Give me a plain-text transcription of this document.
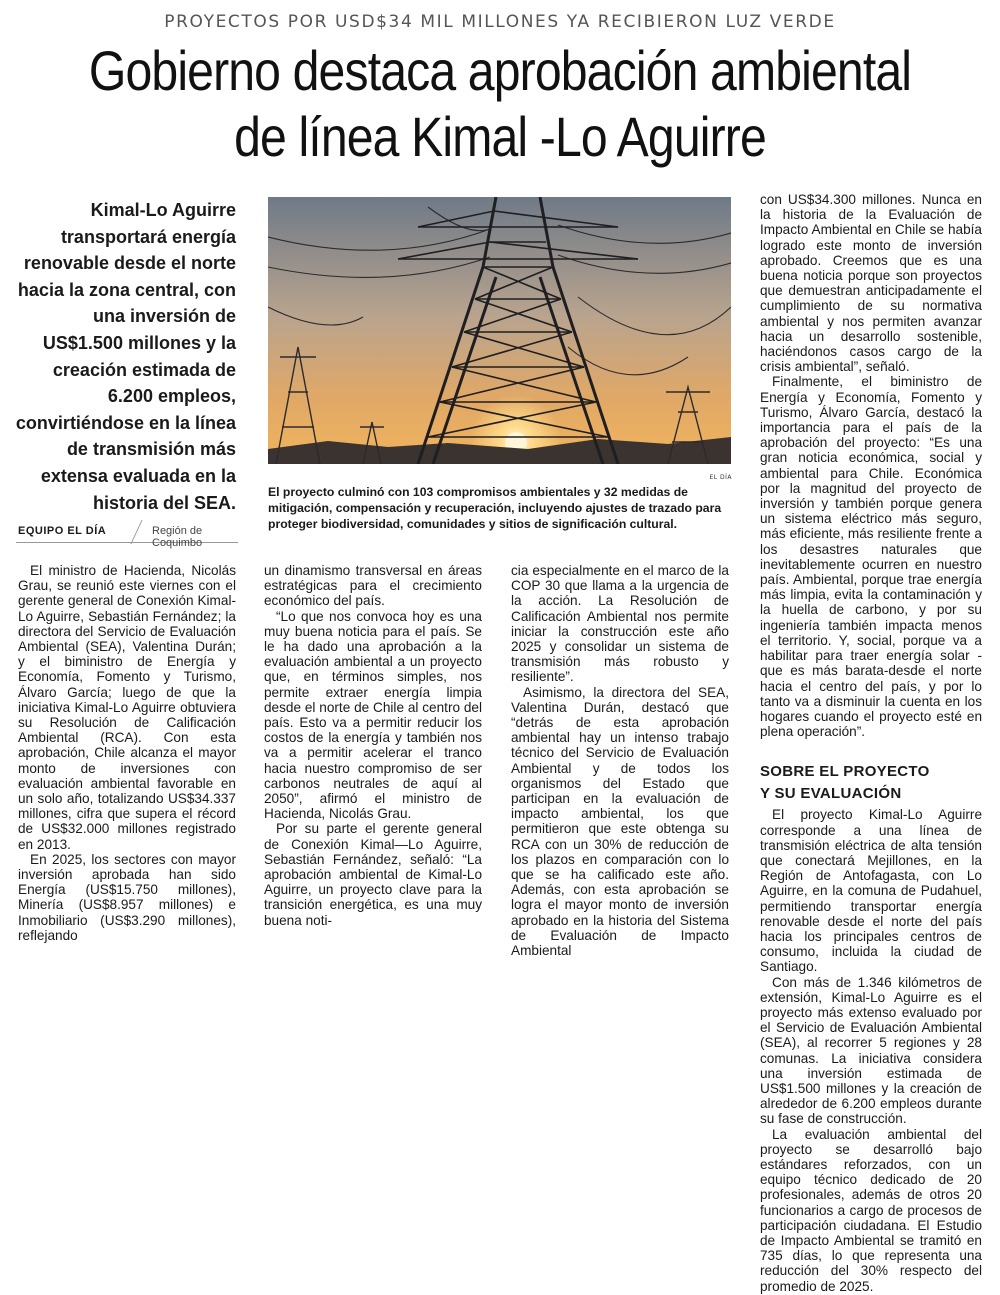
PROYECTOS POR USD$34 MIL MILLONES YA RECIBIERON LUZ VERDE
Gobierno destaca aprobación ambiental
de línea Kimal -Lo Aguirre
Kimal-Lo Aguirre transportará energía renovable desde el norte hacia la zona central, con una inversión de US$1.500 millones y la creación estimada de 6.200 empleos, convirtiéndose en la línea de transmisión más extensa evaluada en la historia del SEA.
EL DÍA
El proyecto culminó con 103 compromisos ambientales y 32 medidas de mitigación, compensación y recuperación, incluyendo ajustes de trazado para proteger biodiversidad, comunidades y sitios de significación cultural.
EQUIPO EL DÍA	Región de Coquimbo

El ministro de Hacienda, Nicolás Grau, se reunió este viernes con el gerente general de Conexión Kimal-Lo Aguirre, Sebastián Fernández; la directora del Servicio de Evaluación Ambiental (SEA), Valentina Durán; y el biministro de Energía y Economía, Fomento y Turismo, Álvaro García; luego de que la iniciativa Kimal-Lo Aguirre obtuviera su Resolución de Calificación Ambiental (RCA). Con esta aprobación, Chile alcanza el mayor monto de inversiones con evaluación ambiental favorable en un solo año, totalizando US$34.337 millones, cifra que supera el récord de US$32.000 millones registrado en 2013.

En 2025, los sectores con mayor inversión aprobada han sido Energía (US$15.750 millones), Minería (US$8.957 millones) e Inmobiliario (US$3.290 millones), reflejando

un dinamismo transversal en áreas estratégicas para el crecimiento económico del país.

“Lo que nos convoca hoy es una muy buena noticia para el país. Se le ha dado una aprobación a la evaluación ambiental a un proyecto que, en términos simples, nos permite extraer energía limpia desde el norte de Chile al centro del país. Esto va a permitir reducir los costos de la energía y también nos va a permitir acelerar el tranco hacia nuestro compromiso de ser carbonos neutrales de aquí al 2050”, afirmó el ministro de Hacienda, Nicolás Grau.

Por su parte el gerente general de Conexión Kimal—Lo Aguirre, Sebastián Fernández, señaló: “La aprobación ambiental de Kimal-Lo Aguirre, un proyecto clave para la transición energética, es una muy buena noti-

cia especialmente en el marco de la COP 30 que llama a la urgencia de la acción. La Resolución de Calificación Ambiental nos permite iniciar la construcción este año 2025 y consolidar un sistema de transmisión más robusto y resiliente”.

Asimismo, la directora del SEA, Valentina Durán, destacó que “detrás de esta aprobación ambiental hay un intenso trabajo técnico del Servicio de Evaluación Ambiental y de todos los organismos del Estado que participan en la evaluación de impacto ambiental, los que permitieron que este obtenga su RCA con un 30% de reducción de los plazos en comparación con lo que se ha calificado este año. Además, con esta aprobación se logra el mayor monto de inversión aprobado en la historia del Sistema de Evaluación de Impacto Ambiental

con US$34.300 millones. Nunca en la historia de la Evaluación de Impacto Ambiental en Chile se había logrado este monto de inversión aprobado. Creemos que es una buena noticia porque son proyectos que demuestran anticipadamente el cumplimiento de su normativa ambiental y nos permiten avanzar hacia un desarrollo sostenible, haciéndonos casos cargo de la crisis ambiental”, señaló.

Finalmente, el biministro de Energía y Economía, Fomento y Turismo, Álvaro García, destacó la importancia para el país de la aprobación del proyecto: “Es una gran noticia económica, social y ambiental para Chile. Económica por la magnitud del proyecto de inversión y también porque genera un sistema eléctrico más seguro, más eficiente, más resiliente frente a los desastres naturales que inevitablemente ocurren en nuestro país. Ambiental, porque trae energía más limpia, evita la contaminación y la huella de carbono, y por su ingeniería también impacta menos el territorio. Y, social, porque va a habilitar para traer energía solar -que es más barata-desde el norte hacia el centro del país, y por lo tanto va a disminuir la cuenta en los hogares cuando el proyecto esté en plena operación”.

SOBRE EL PROYECTO
Y SU EVALUACIÓN

El proyecto Kimal-Lo Aguirre corresponde a una línea de transmisión eléctrica de alta tensión que conectará Mejillones, en la Región de Antofagasta, con Lo Aguirre, en la comuna de Pudahuel, permitiendo transportar energía renovable desde el norte del país hacia los principales centros de consumo, incluida la ciudad de Santiago.

Con más de 1.346 kilómetros de extensión, Kimal-Lo Aguirre es el proyecto más extenso evaluado por el Servicio de Evaluación Ambiental (SEA), al recorrer 5 regiones y 28 comunas. La iniciativa considera una inversión estimada de US$1.500 millones y la creación de alrededor de 6.200 empleos durante su fase de construcción.

La evaluación ambiental del proyecto se desarrolló bajo estándares reforzados, con un equipo técnico dedicado de 20 profesionales, además de otros 20 funcionarios a cargo de procesos de participación ciudadana. El Estudio de Impacto Ambiental se tramitó en 735 días, lo que representa una reducción del 30% respecto del promedio de 2025.
